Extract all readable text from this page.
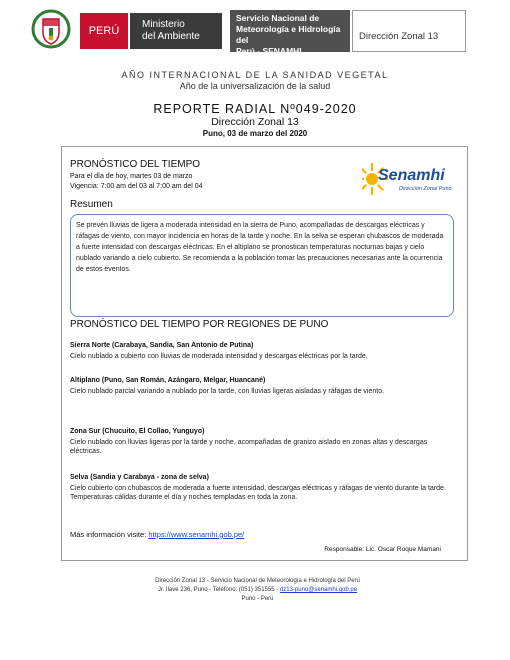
PERÚ
Ministerio
del Ambiente
Servicio Nacional de
Meteorología e Hidrología del
Perú - SENAMHI
Dirección Zonal 13
AÑO INTERNACIONAL DE LA SANIDAD VEGETAL
Año de la universalización de la salud
REPORTE RADIAL Nº049-2020
Dirección Zonal 13
Puno, 03 de marzo del 2020
PRONÓSTICO DEL TIEMPO
Para el día de hoy, martes 03 de marzo
Vigencia: 7:00 am del 03 al 7:00 am del 04
Senamhi
Dirección Zonal Puno
Resumen
Se prevén lluvias de ligera a moderada intensidad en la sierra de Puno, acompañadas de descargas eléctricas y ráfagas de viento, con mayor incidencia en horas de la tarde y noche. En la selva se esperan chubascos de moderada a fuerte intensidad con descargas eléctricas. En el altiplano se pronostican temperaturas nocturnas bajas y cielo nublado variando a cielo cubierto. Se recomienda a la población tomar las precauciones necesarias ante la ocurrencia de estos eventos.
PRONÓSTICO DEL TIEMPO POR REGIONES DE PUNO
Sierra Norte (Carabaya, Sandia, San Antonio de Putina)
Cielo nublado a cubierto con lluvias de moderada intensidad y descargas eléctricas por la tarde.
Altiplano (Puno, San Román, Azángaro, Melgar, Huancané)
Cielo nublado parcial variando a nublado por la tarde, con lluvias ligeras aisladas y ráfagas de viento.
Zona Sur (Chucuito, El Collao, Yunguyo)
Cielo nublado con lluvias ligeras por la tarde y noche, acompañadas de granizo aislado en zonas altas y descargas eléctricas.
Selva (Sandia y Carabaya - zona de selva)
Cielo cubierto con chubascos de moderada a fuerte intensidad, descargas eléctricas y ráfagas de viento durante la tarde. Temperaturas cálidas durante el día y noches templadas en toda la zona.
Más información visite: https://www.senamhi.gob.pe/
Responsable: Lic. Oscar Roque Mamani
Dirección Zonal 13 - Servicio Nacional de Meteorología e Hidrología del Perú
Jr. Ilave 236, Puno - Teléfono: (051) 351555 - dz13-puno@senamhi.gob.pe
Puno - Perú
